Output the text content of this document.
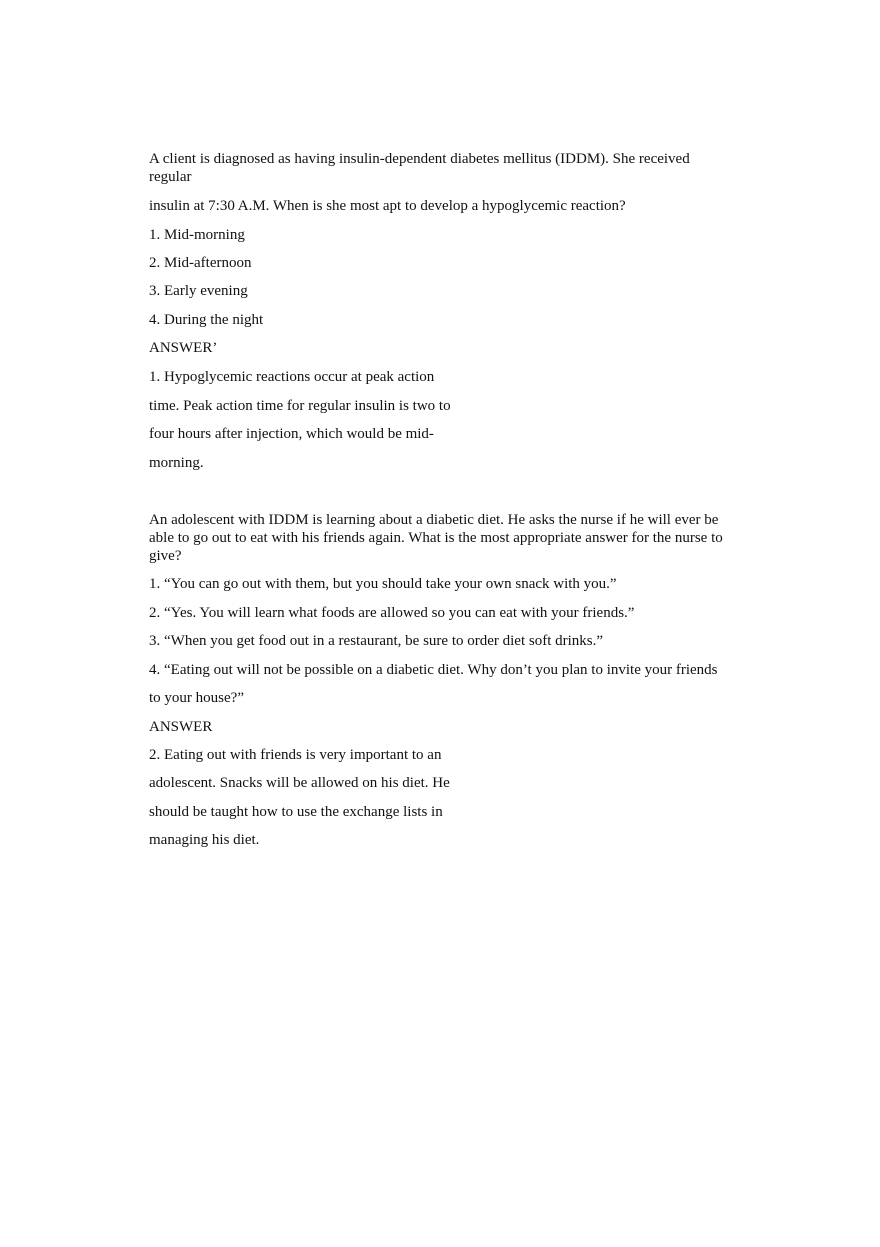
A client is diagnosed as having insulin-dependent diabetes mellitus (IDDM). She received
regular
insulin at 7:30 A.M. When is she most apt to develop a hypoglycemic reaction?
1. Mid-morning
2. Mid-afternoon
3. Early evening
4. During the night
ANSWER’
1. Hypoglycemic reactions occur at peak action
time. Peak action time for regular insulin is two to
four hours after injection, which would be mid-
morning.
An adolescent with IDDM is learning about a diabetic diet. He asks the nurse if he will ever be
able to go out to eat with his friends again. What is the most appropriate answer for the nurse to
give?
1. “You can go out with them, but you should take your own snack with you.”
2. “Yes. You will learn what foods are allowed so you can eat with your friends.”
3. “When you get food out in a restaurant, be sure to order diet soft drinks.”
4. “Eating out will not be possible on a diabetic diet. Why don’t you plan to invite your friends
to your house?”
ANSWER
2. Eating out with friends is very important to an
adolescent. Snacks will be allowed on his diet. He
should be taught how to use the exchange lists in
managing his diet.
